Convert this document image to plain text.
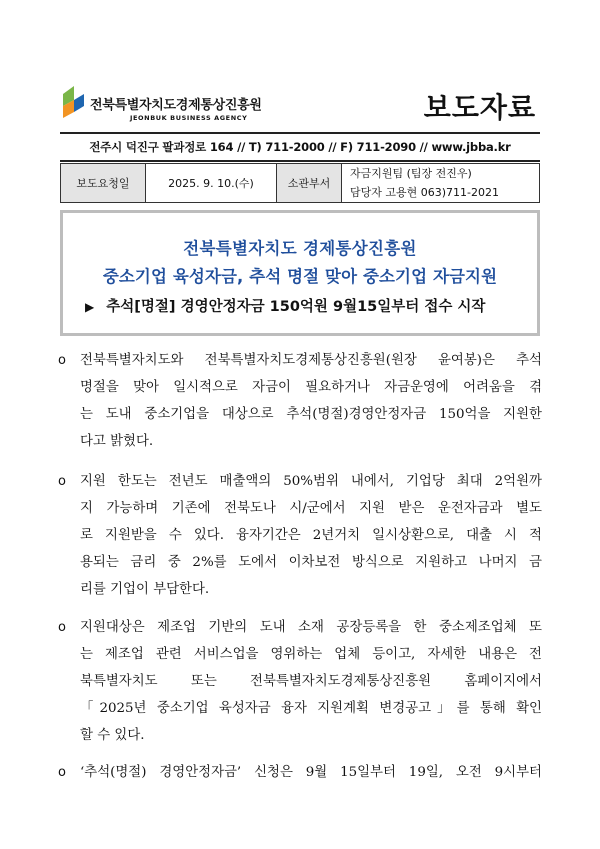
전북특별자치도경제통상진흥원
JEONBUK BUSINESS AGENCY	보도자료
전주시 덕진구 팔과정로 164 // T) 711-2000 // F) 711-2090 // www.jbba.kr
보도요청일	2025. 9. 10.(수)	소관부서	
자금지원팀 (팀장 전진우)
담당자 고용현 063)711-2021
전북특별자치도 경제통상진흥원
중소기업 육성자금, 추석 명절 맞아 중소기업 자금지원
▶ 추석[명절] 경영안정자금 150억원 9월15일부터 접수 시작
o 전북특별자치도와 전북특별자치도경제통상진흥원(원장 윤여봉)은 추석
명절을 맞아 일시적으로 자금이 필요하거나 자금운영에 어려움을 겪
는 도내 중소기업을 대상으로 추석(명절)경영안정자금 150억을 지원한
다고 밝혔다.
o 지원 한도는 전년도 매출액의 50%범위 내에서, 기업당 최대 2억원까
지 가능하며 기존에 전북도나 시/군에서 지원 받은 운전자금과 별도
로 지원받을 수 있다. 융자기간은 2년거치 일시상환으로, 대출 시 적
용되는 금리 중 2%를 도에서 이차보전 방식으로 지원하고 나머지 금
리를 기업이 부담한다.
o 지원대상은 제조업 기반의 도내 소재 공장등록을 한 중소제조업체 또
는 제조업 관련 서비스업을 영위하는 업체 등이고, 자세한 내용은 전
북특별자치도 또는 전북특별자치도경제통상진흥원 홈페이지에서
「2025년 중소기업 육성자금 융자 지원계획 변경공고」를 통해 확인
할 수 있다.
o ‘추석(명절) 경영안정자금’ 신청은 9월 15일부터 19일, 오전 9시부터
